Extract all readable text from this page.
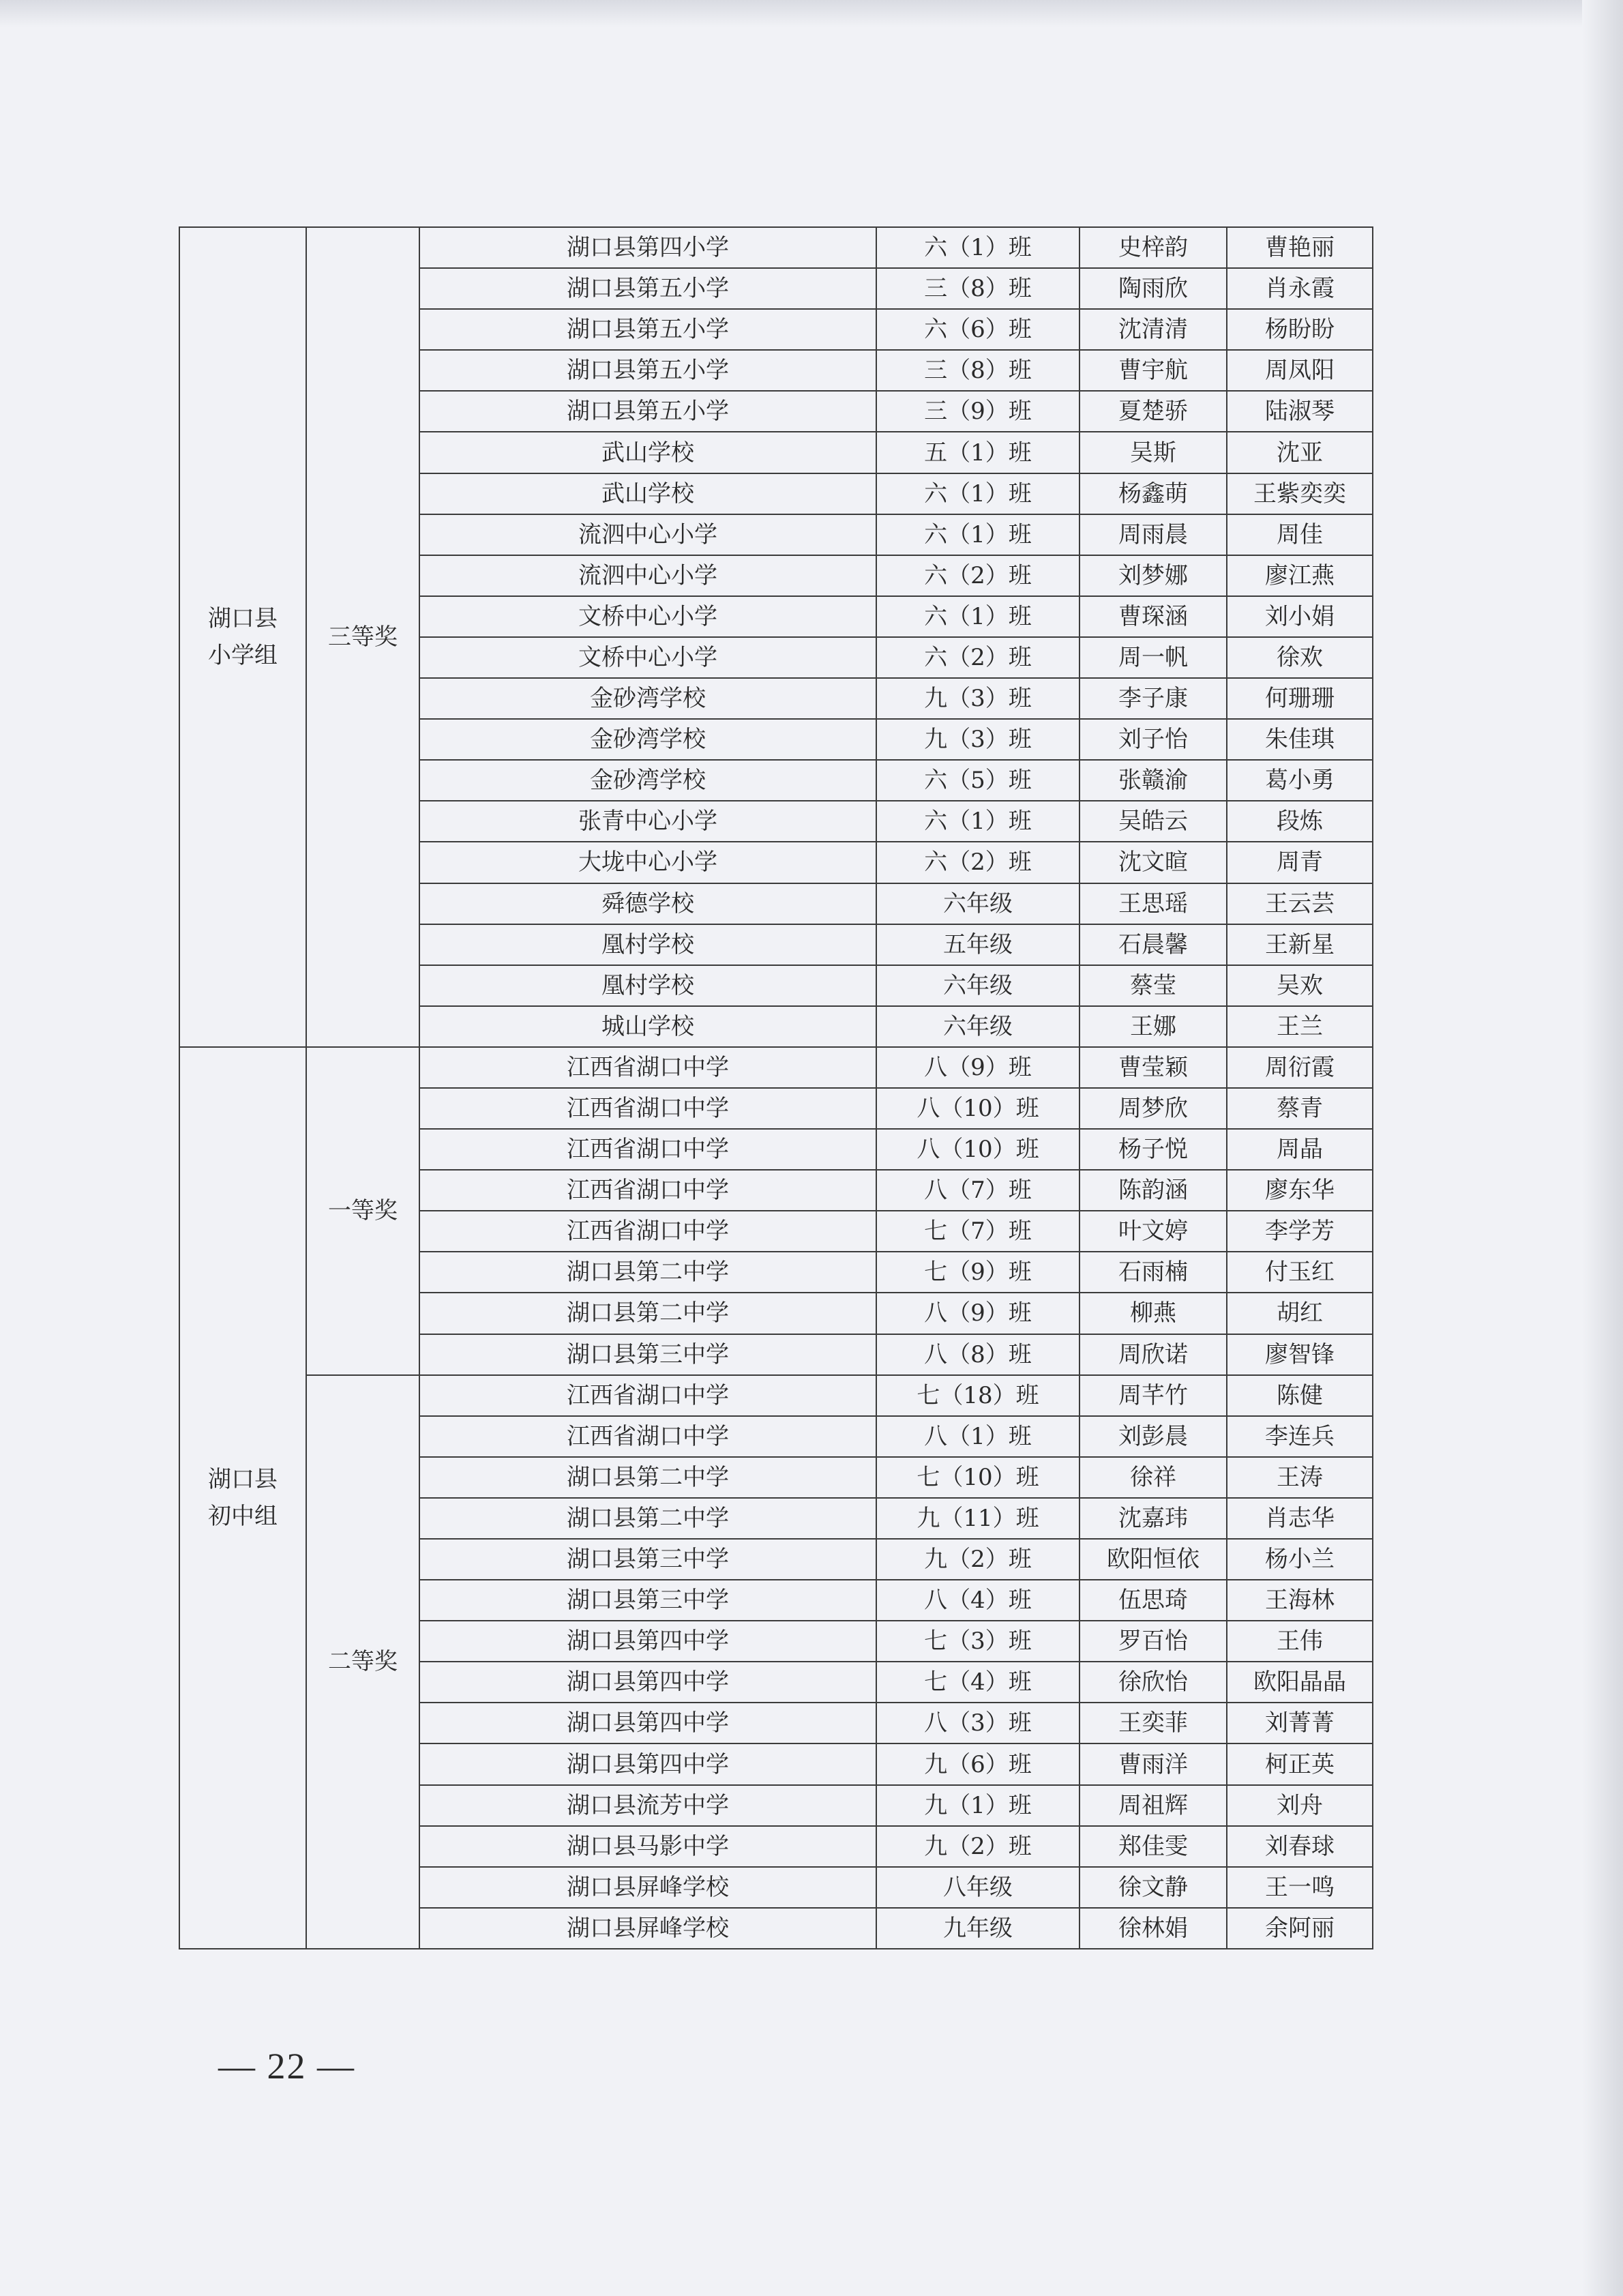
湖口县
小学组	三等奖	湖口县第四小学	六（1）班	史梓韵	曹艳丽
		湖口县第五小学	三（8）班	陶雨欣	肖永霞
		湖口县第五小学	六（6）班	沈清清	杨盼盼
		湖口县第五小学	三（8）班	曹宇航	周凤阳
		湖口县第五小学	三（9）班	夏楚骄	陆淑琴
		武山学校	五（1）班	吴斯	沈亚
		武山学校	六（1）班	杨鑫萌	王紫奕奕
		流泗中心小学	六（1）班	周雨晨	周佳
		流泗中心小学	六（2）班	刘梦娜	廖江燕
		文桥中心小学	六（1）班	曹琛涵	刘小娟
		文桥中心小学	六（2）班	周一帆	徐欢
		金砂湾学校	九（3）班	李子康	何珊珊
		金砂湾学校	九（3）班	刘子怡	朱佳琪
		金砂湾学校	六（5）班	张赣渝	葛小勇
		张青中心小学	六（1）班	吴皓云	段炼
		大垅中心小学	六（2）班	沈文暄	周青
		舜德学校	六年级	王思瑶	王云芸
		凰村学校	五年级	石晨馨	王新星
		凰村学校	六年级	蔡莹	吴欢
		城山学校	六年级	王娜	王兰

湖口县
初中组	一等奖	江西省湖口中学	八（9）班	曹莹颖	周衍霞
		江西省湖口中学	八（10）班	周梦欣	蔡青
		江西省湖口中学	八（10）班	杨子悦	周晶
		江西省湖口中学	八（7）班	陈韵涵	廖东华
		江西省湖口中学	七（7）班	叶文婷	李学芳
		湖口县第二中学	七（9）班	石雨楠	付玉红
		湖口县第二中学	八（9）班	柳燕	胡红
		湖口县第三中学	八（8）班	周欣诺	廖智锋
	二等奖	江西省湖口中学	七（18）班	周芊竹	陈健
		江西省湖口中学	八（1）班	刘彭晨	李连兵
		湖口县第二中学	七（10）班	徐祥	王涛
		湖口县第二中学	九（11）班	沈嘉玮	肖志华
		湖口县第三中学	九（2）班	欧阳恒依	杨小兰
		湖口县第三中学	八（4）班	伍思琦	王海林
		湖口县第四中学	七（3）班	罗百怡	王伟
		湖口县第四中学	七（4）班	徐欣怡	欧阳晶晶
		湖口县第四中学	八（3）班	王奕菲	刘菁菁
		湖口县第四中学	九（6）班	曹雨洋	柯正英
		湖口县流芳中学	九（1）班	周祖辉	刘舟
		湖口县马影中学	九（2）班	郑佳雯	刘春球
		湖口县屏峰学校	八年级	徐文静	王一鸣
		湖口县屏峰学校	九年级	徐林娟	余阿丽
— 22 —
